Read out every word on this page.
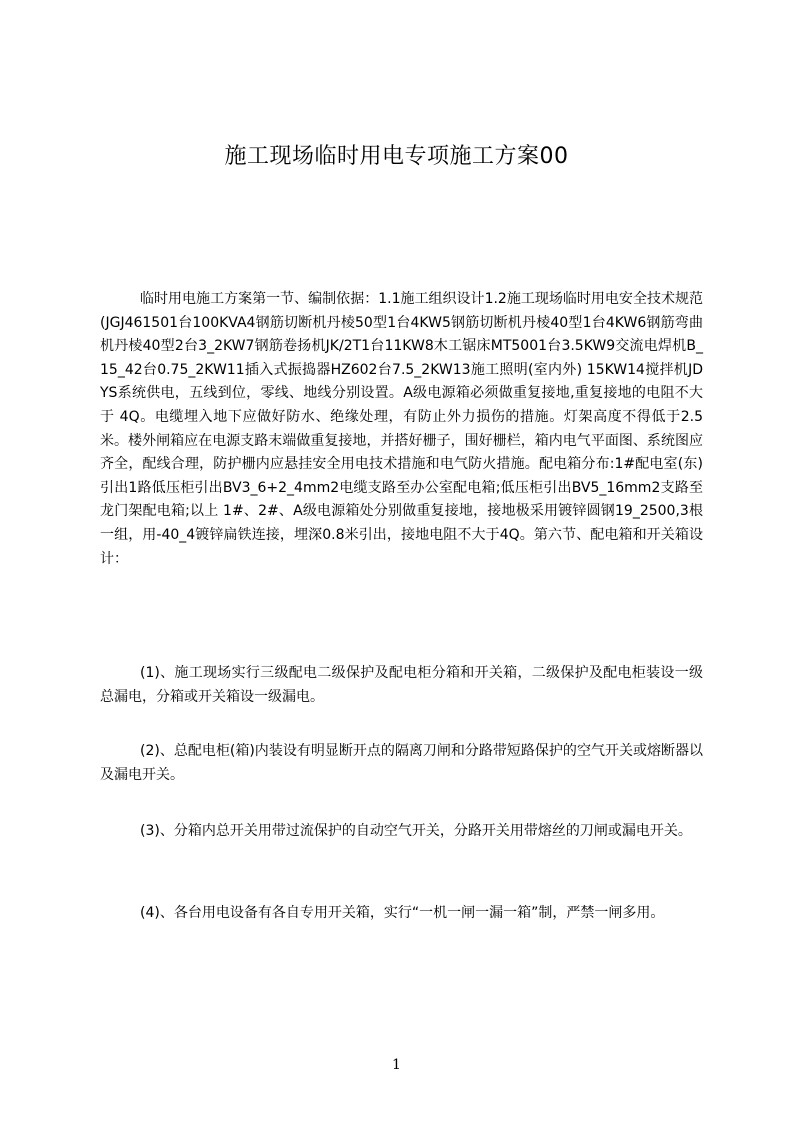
施工现场临时用电专项施工方案00

临时用电施工方案第一节、编制依据：1.1施工组织设计1.2施工现场临时用电安全技术规范(JGJ461501台100KVA4钢筋切断机丹棱50型1台4KW5钢筋切断机丹棱40型1台4KW6钢筋弯曲机丹棱40型2台3_2KW7钢筋卷扬机JK/2T1台11KW8木工锯床MT5001台3.5KW9交流电焊机B_15_42台0.75_2KW11插入式振捣器HZ602台7.5_2KW13施工照明(室内外) 15KW14搅拌机JDYS系统供电，五线到位，零线、地线分别设置。A级电源箱必须做重复接地,重复接地的电阻不大于 4Q。电缆埋入地下应做好防水、绝缘处理，有防止外力损伤的措施。灯架高度不得低于2.5米。楼外闸箱应在电源支路末端做重复接地，并搭好栅子，围好栅栏，箱内电气平面图、系统图应齐全，配线合理，防护栅内应悬挂安全用电技术措施和电气防火措施。配电箱分布:1#配电室(东)引出1路低压柜引出BV3_6+2_4mm2电缆支路至办公室配电箱;低压柜引出BV5_16mm2支路至龙门架配电箱;以上 1#、2#、A级电源箱处分别做重复接地，接地极采用镀锌圆钢19_2500,3根一组，用-40_4镀锌扁铁连接，埋深0.8米引出，接地电阻不大于4Q。第六节、配电箱和开关箱设计：

(1)、施工现场实行三级配电二级保护及配电柜分箱和开关箱，二级保护及配电柜装设一级总漏电，分箱或开关箱设一级漏电。

(2)、总配电柜(箱)内装设有明显断开点的隔离刀闸和分路带短路保护的空气开关或熔断器以及漏电开关。

(3)、分箱内总开关用带过流保护的自动空气开关，分路开关用带熔丝的刀闸或漏电开关。

(4)、各台用电设备有各自专用开关箱，实行“一机一闸一漏一箱”制，严禁一闸多用。

1
